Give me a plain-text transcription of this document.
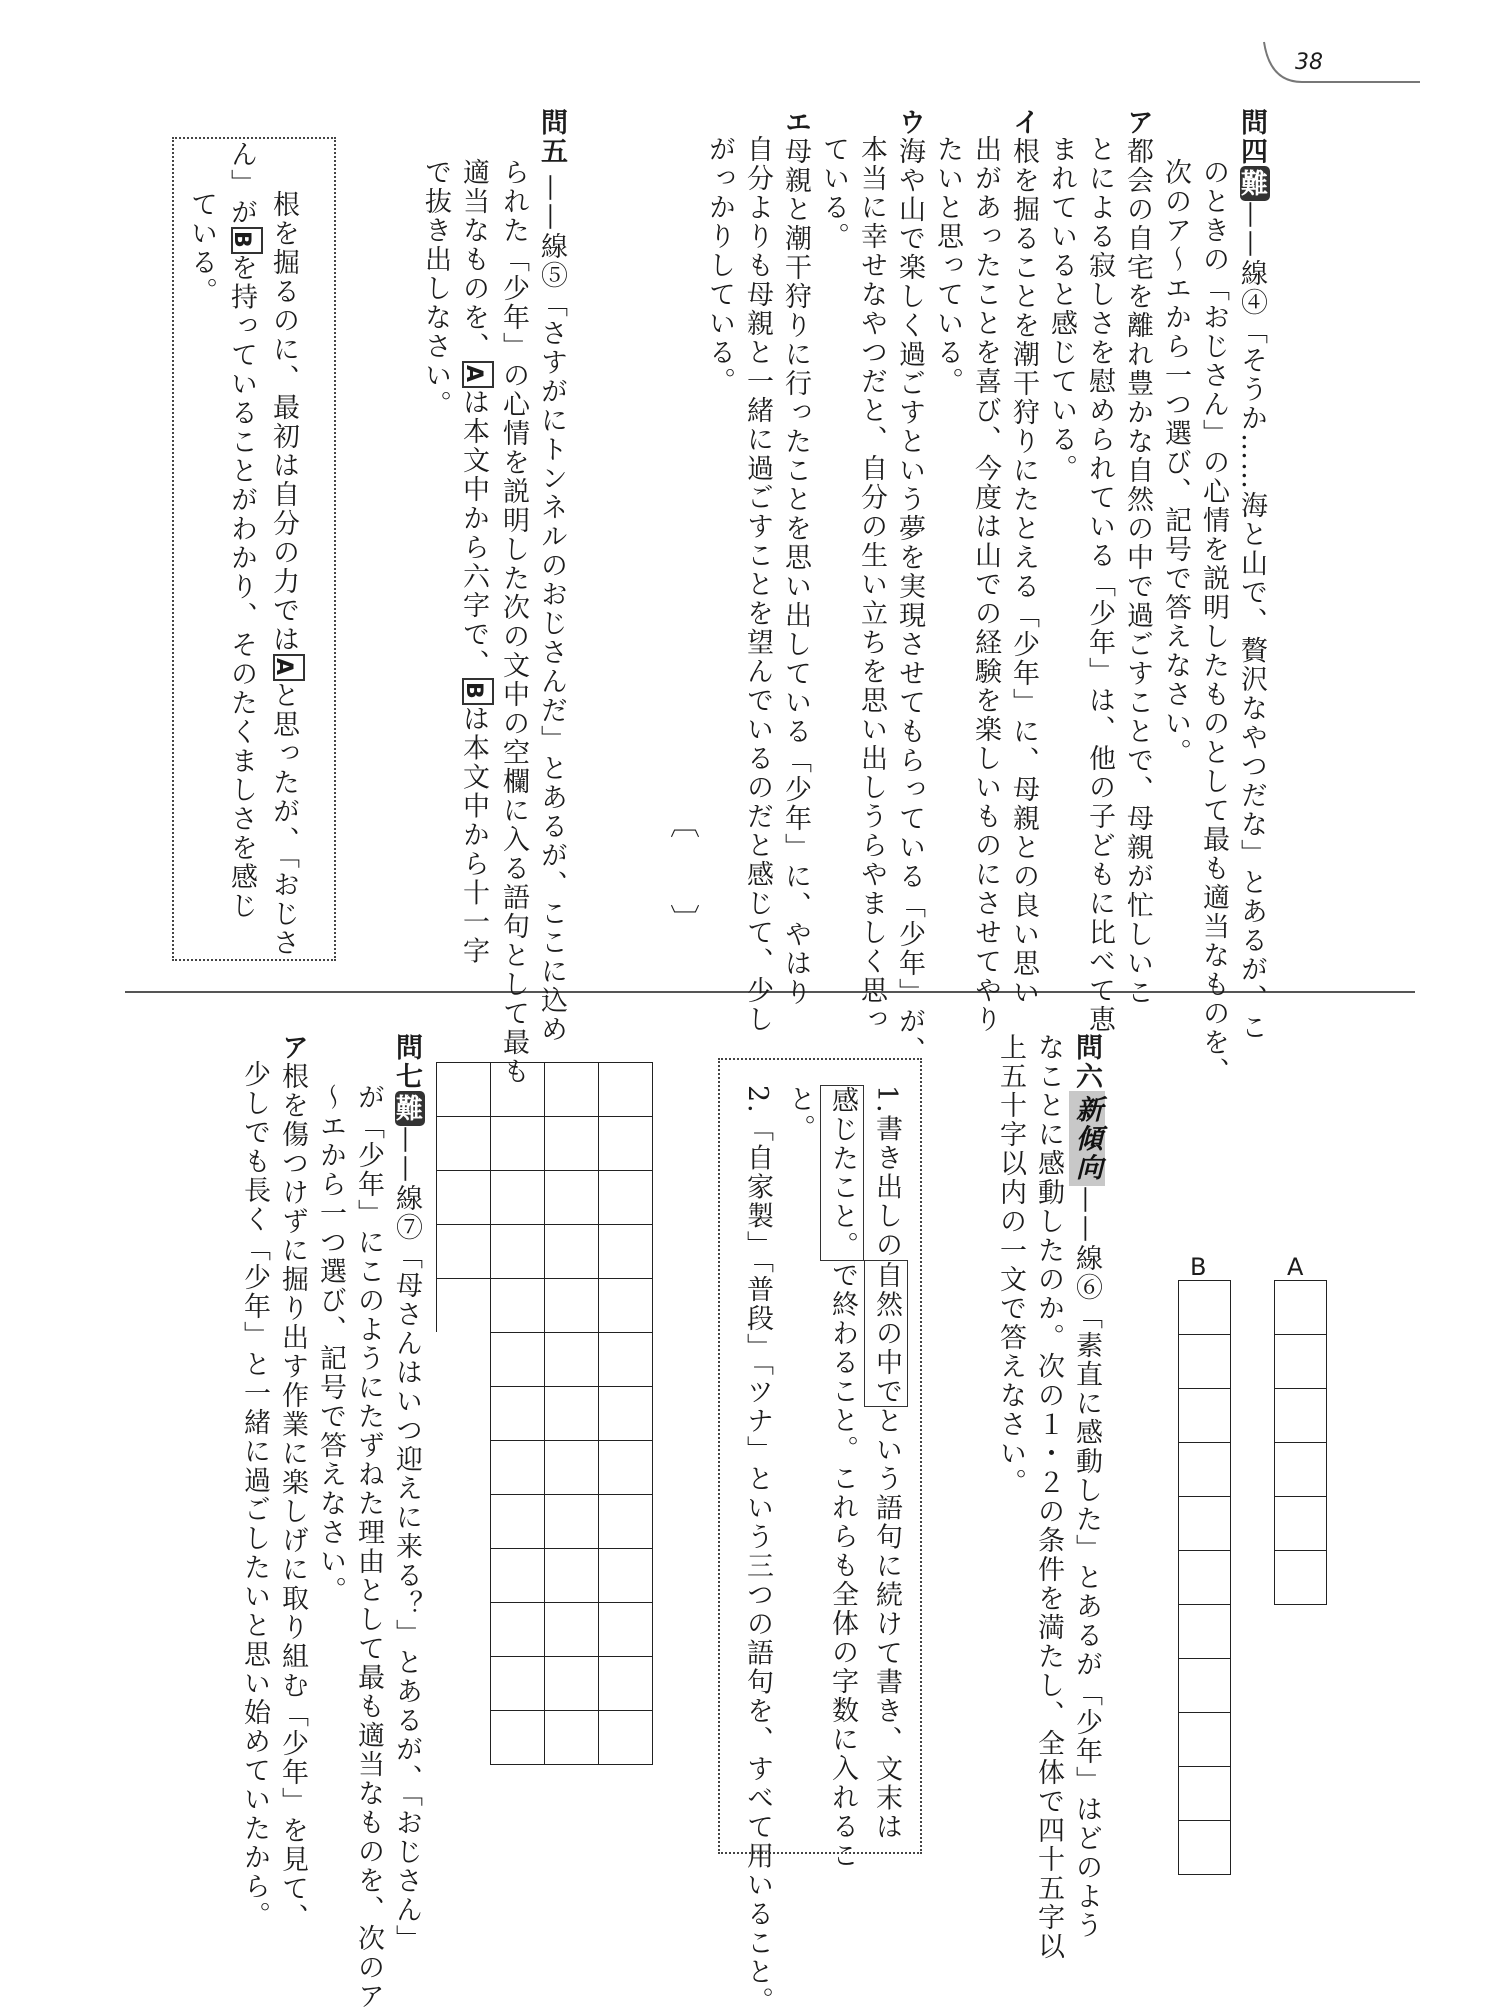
38

問四難——線④「そうか……海と山で、贅沢なやつだな」とあるが、こ

のときの「おじさん」の心情を説明したものとして最も適当なものを、

次のア～エから一つ選び、記号で答えなさい。

ア都会の自宅を離れ豊かな自然の中で過ごすことで、母親が忙しいこ

とによる寂しさを慰められている「少年」は、他の子どもに比べて恵

まれていると感じている。

イ根を掘ることを潮干狩りにたとえる「少年」に、母親との良い思い

出があったことを喜び、今度は山での経験を楽しいものにさせてやり

たいと思っている。

ウ海や山で楽しく過ごすという夢を実現させてもらっている「少年」が、

本当に幸せなやつだと、自分の生い立ちを思い出しうらやましく思っ

ている。

エ母親と潮干狩りに行ったことを思い出している「少年」に、やはり

自分よりも母親と一緒に過ごすことを望んでいるのだと感じて、少し

がっかりしている。

〔　　〕

問五——線⑤「さすがにトンネルのおじさんだ」とあるが、ここに込め

られた「少年」の心情を説明した次の文中の空欄に入る語句として最も

適当なものを、Aは本文中から六字で、Bは本文中から十一字

で抜き出しなさい。

根を掘るのに、最初は自分の力ではAと思ったが、「おじさ

ん」がBを持っていることがわかり、そのたくましさを感じ

ている。

A
B

問六新傾向——線⑥「素直に感動した」とあるが「少年」はどのよう

なことに感動したのか。次の１・２の条件を満たし、全体で四十五字以

上五十字以内の一文で答えなさい。

1.書き出しの自然の中でという語句に続けて書き、文末は

感じたこと。で終わること。これらも全体の字数に入れるこ

と。

2.「自家製」「普段」「ツナ」という三つの語句を、すべて用いること。

問七難——線⑦「母さんはいつ迎えに来る？」とあるが、「おじさん」

が「少年」にこのようにたずねた理由として最も適当なものを、次のア

～エから一つ選び、記号で答えなさい。

ア根を傷つけずに掘り出す作業に楽しげに取り組む「少年」を見て、

少しでも長く「少年」と一緒に過ごしたいと思い始めていたから。
